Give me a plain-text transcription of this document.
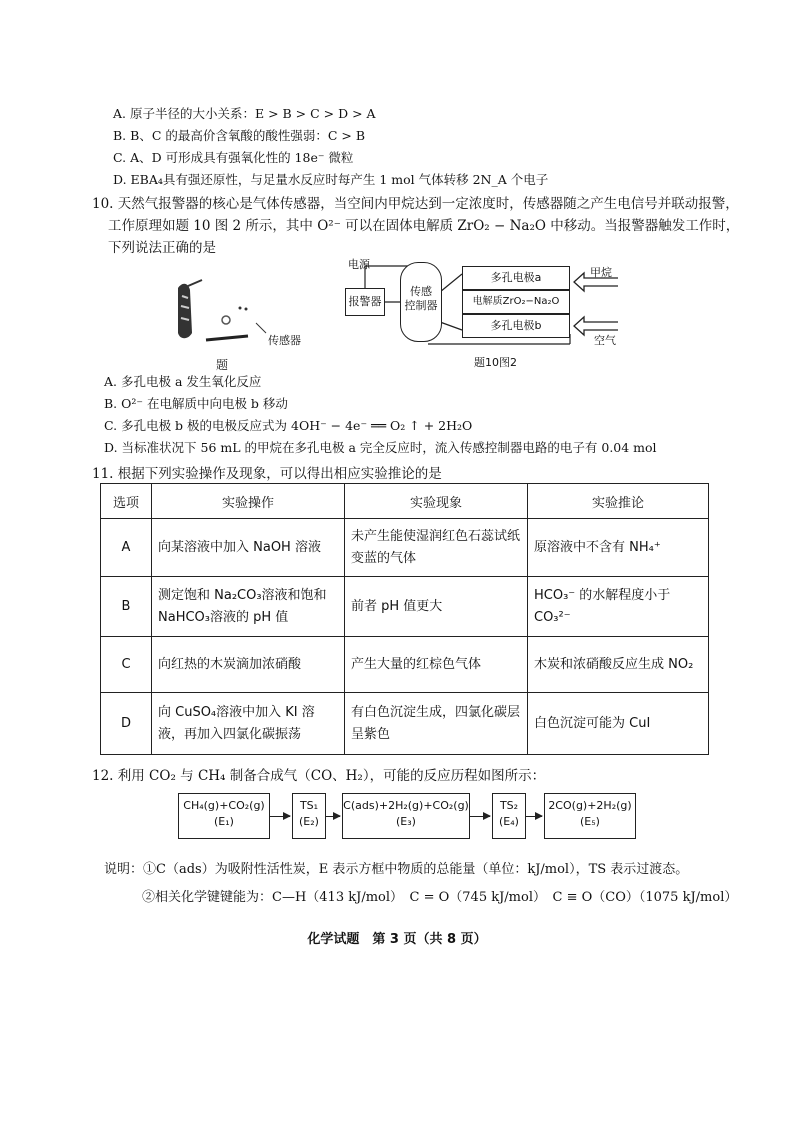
A. 原子半径的大小关系：E > B > C > D > A
B. B、C 的最高价含氧酸的酸性强弱：C > B
C. A、D 可形成具有强氧化性的 18e⁻ 微粒
D. EBA₄具有强还原性，与足量水反应时每产生 1 mol 气体转移 2N_A 个电子
10. 天然气报警器的核心是气体传感器，当空间内甲烷达到一定浓度时，传感器随之产生电信号并联动报警，
工作原理如题 10 图 2 所示，其中 O²⁻ 可以在固体电解质 ZrO₂ − Na₂O 中移动。当报警器触发工作时，
下列说法正确的是
传感器
题
电源
报警器
传感
控制器
多孔电极a
电解质ZrO₂−Na₂O
多孔电极b
甲烷
空气
题10图2
A. 多孔电极 a 发生氧化反应
B. O²⁻ 在电解质中向电极 b 移动
C. 多孔电极 b 极的电极反应式为 4OH⁻ − 4e⁻ ══ O₂ ↑ + 2H₂O
D. 当标准状况下 56 mL 的甲烷在多孔电极 a 完全反应时，流入传感控制器电路的电子有 0.04 mol
11. 根据下列实验操作及现象，可以得出相应实验推论的是
选项	实验操作	实验现象	实验推论
A	向某溶液中加入 NaOH 溶液	未产生能使湿润红色石蕊试纸变蓝的气体	原溶液中不含有 NH₄⁺
B	测定饱和 Na₂CO₃溶液和饱和 NaHCO₃溶液的 pH 值	前者 pH 值更大	HCO₃⁻ 的水解程度小于 CO₃²⁻
C	向红热的木炭滴加浓硝酸	产生大量的红棕色气体	木炭和浓硝酸反应生成 NO₂
D	向 CuSO₄溶液中加入 KI 溶液，再加入四氯化碳振荡	有白色沉淀生成，四氯化碳层呈紫色	白色沉淀可能为 CuI
12. 利用 CO₂ 与 CH₄ 制备合成气（CO、H₂），可能的反应历程如图所示：
CH₄(g)+CO₂(g)
(E₁)
TS₁
(E₂)
C(ads)+2H₂(g)+CO₂(g)
(E₃)
TS₂
(E₄)
2CO(g)+2H₂(g)
(E₅)
说明：①C（ads）为吸附性活性炭，E 表示方框中物质的总能量（单位：kJ/mol），TS 表示过渡态。
②相关化学键键能为：C—H（413 kJ/mol）　C = O（745 kJ/mol）　C ≡ O（CO）（1075 kJ/mol）
化学试题　第 3 页（共 8 页）
